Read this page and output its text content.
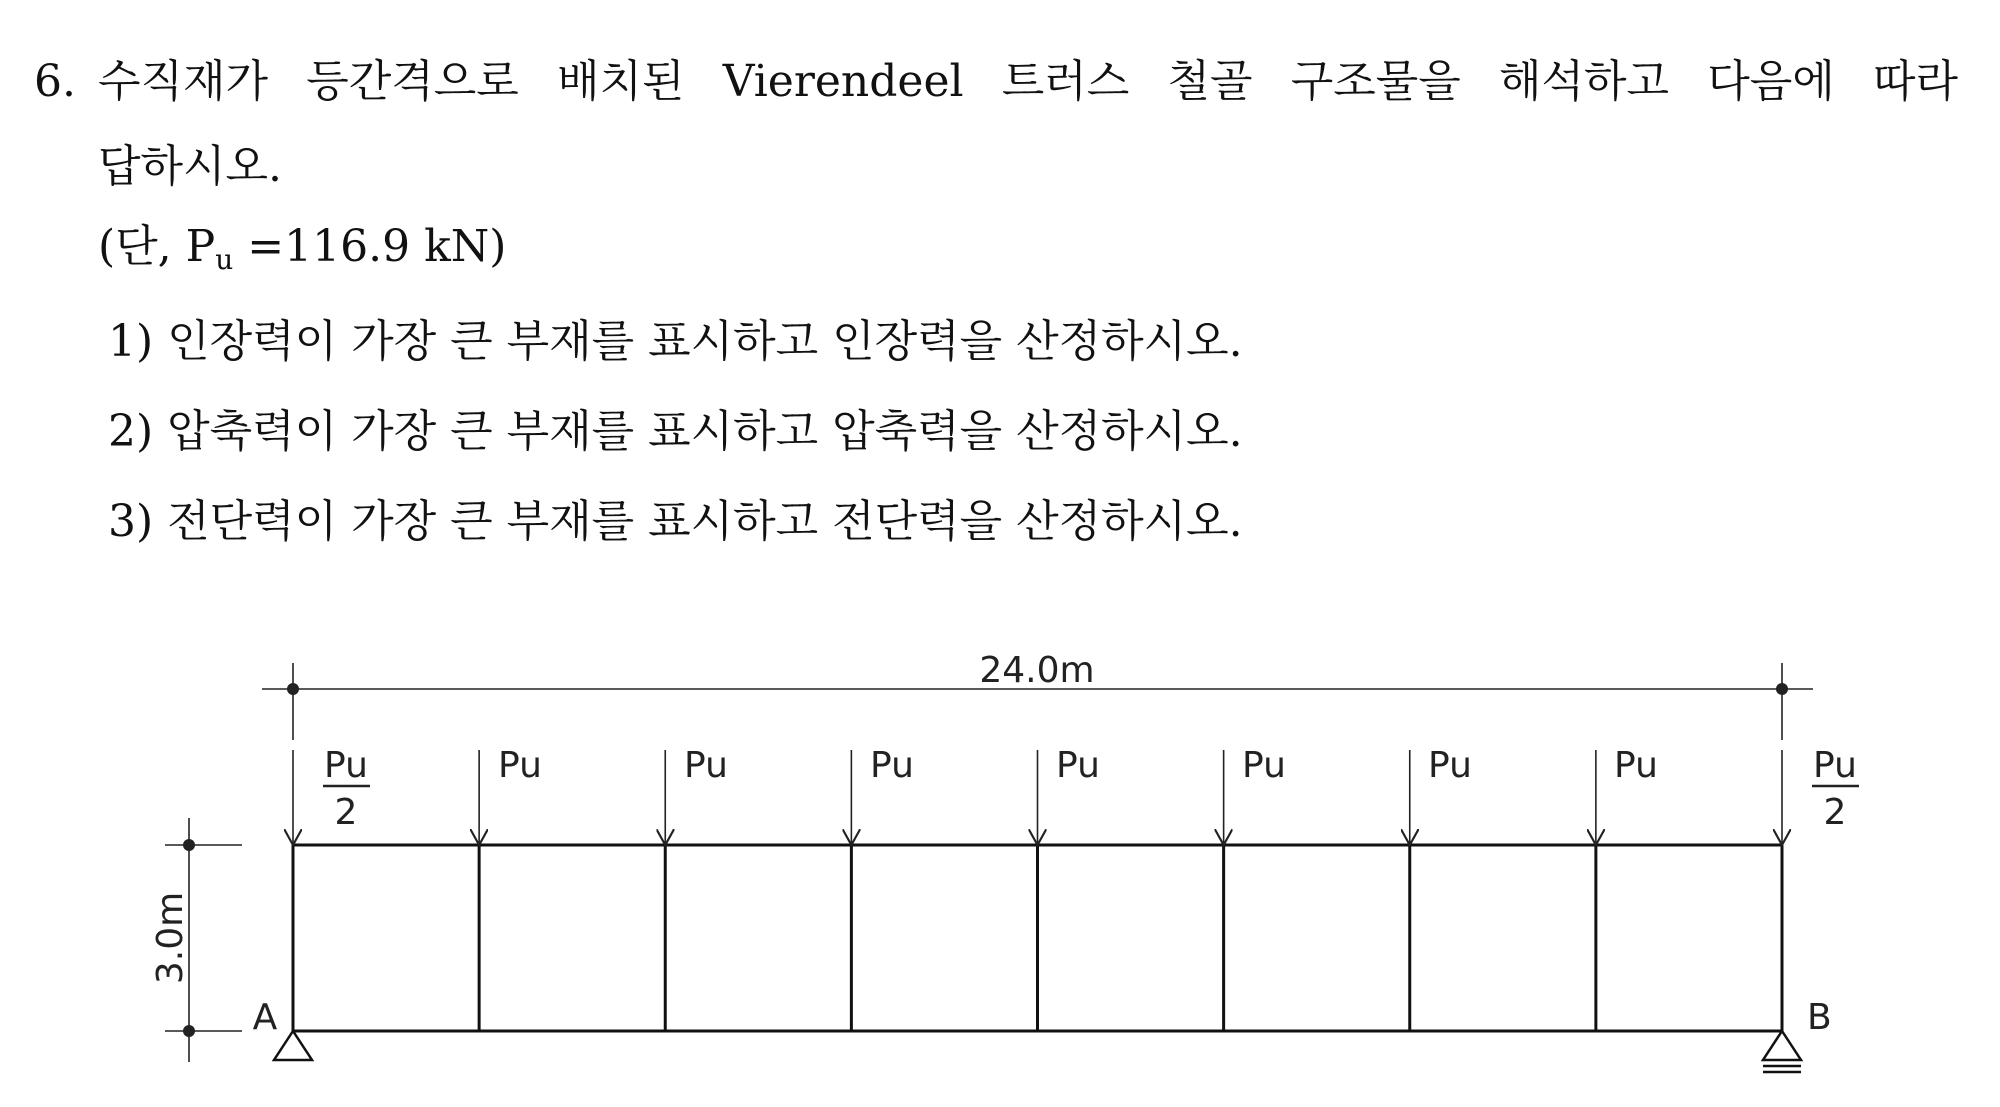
6. 수직재가 등간격으로 배치된 Vierendeel 트러스 철골 구조물을 해석하고 다음에 따라
답하시오.
(단, Pu =116.9 kN)
1) 인장력이 가장 큰 부재를 표시하고 인장력을 산정하시오.
2) 압축력이 가장 큰 부재를 표시하고 압축력을 산정하시오.
3) 전단력이 가장 큰 부재를 표시하고 전단력을 산정하시오.
24.0m
3.0m
Pu
2
Pu	Pu	Pu	Pu	Pu	Pu	Pu	Pu
2
A	B
